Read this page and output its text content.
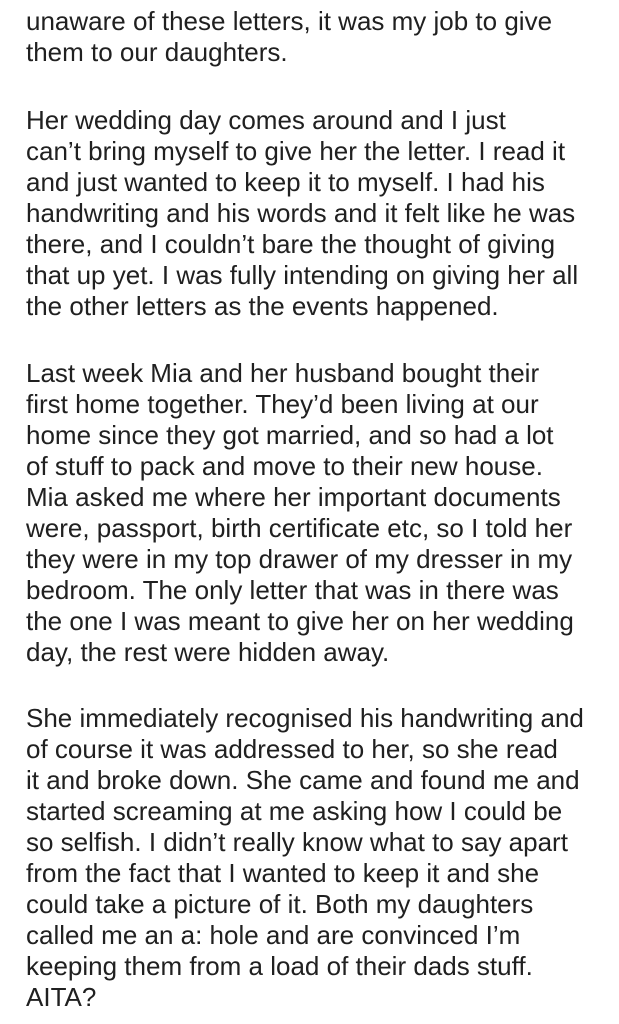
unaware of these letters, it was my job to give

them to our daughters.

Her wedding day comes around and I just

can’t bring myself to give her the letter. I read it

and just wanted to keep it to myself. I had his

handwriting and his words and it felt like he was

there, and I couldn’t bare the thought of giving

that up yet. I was fully intending on giving her all

the other letters as the events happened.

Last week Mia and her husband bought their

first home together. They’d been living at our

home since they got married, and so had a lot

of stuff to pack and move to their new house.

Mia asked me where her important documents

were, passport, birth certificate etc, so I told her

they were in my top drawer of my dresser in my

bedroom. The only letter that was in there was

the one I was meant to give her on her wedding

day, the rest were hidden away.

She immediately recognised his handwriting and

of course it was addressed to her, so she read

it and broke down. She came and found me and

started screaming at me asking how I could be

so selfish. I didn’t really know what to say apart

from the fact that I wanted to keep it and she

could take a picture of it. Both my daughters

called me an a: hole and are convinced I’m

keeping them from a load of their dads stuff.

AITA?
